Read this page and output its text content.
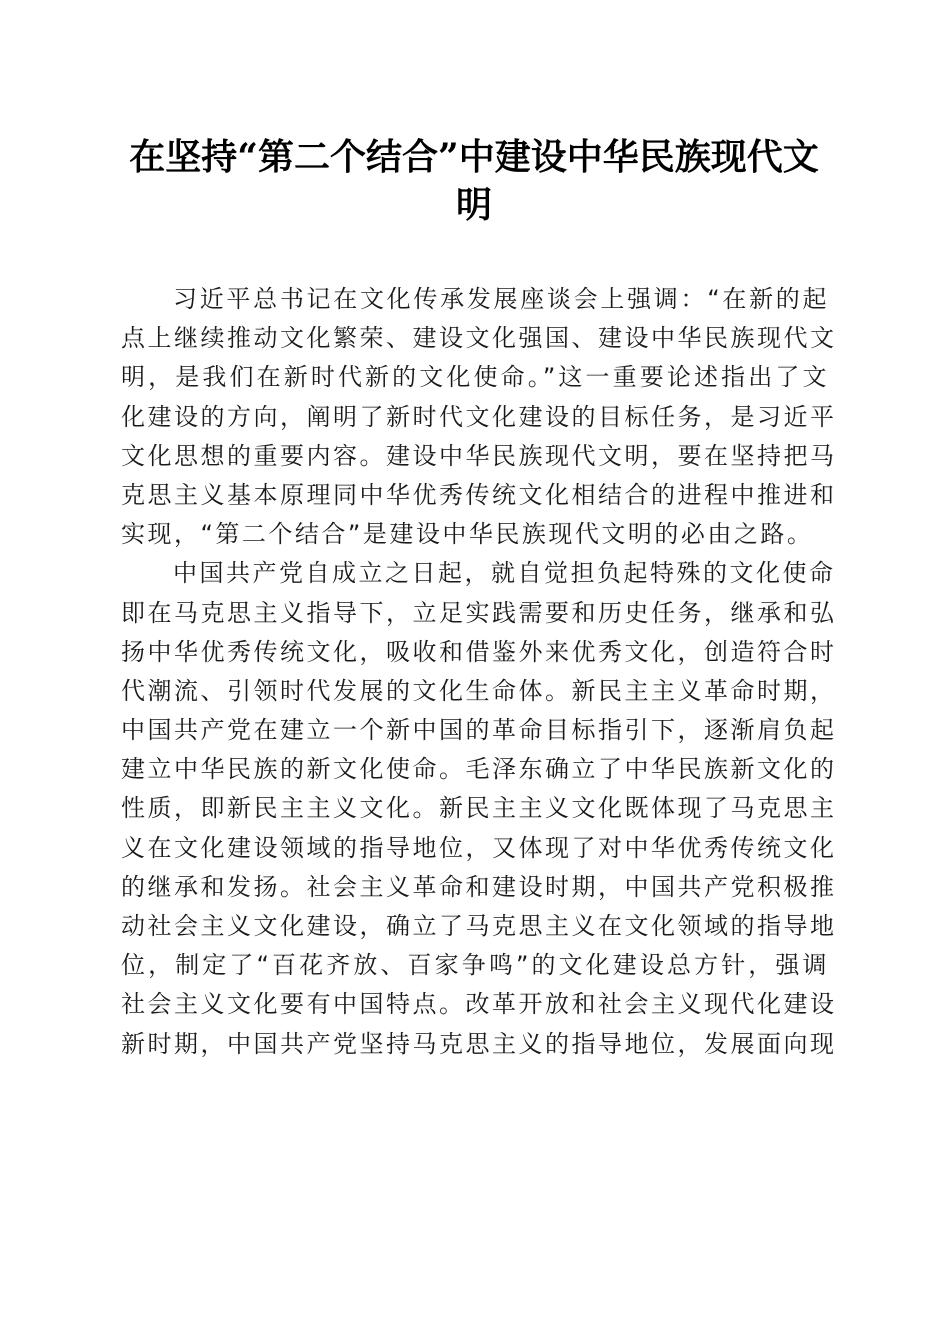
在坚持“第二个结合”中建设中华民族现代文
明
习近平总书记在文化传承发展座谈会上强调：“在新的起
点上继续推动文化繁荣、建设文化强国、建设中华民族现代文
明，是我们在新时代新的文化使命。”这一重要论述指出了文
化建设的方向，阐明了新时代文化建设的目标任务，是习近平
文化思想的重要内容。建设中华民族现代文明，要在坚持把马
克思主义基本原理同中华优秀传统文化相结合的进程中推进和
实现，“第二个结合”是建设中华民族现代文明的必由之路。
中国共产党自成立之日起，就自觉担负起特殊的文化使命
即在马克思主义指导下，立足实践需要和历史任务，继承和弘
扬中华优秀传统文化，吸收和借鉴外来优秀文化，创造符合时
代潮流、引领时代发展的文化生命体。新民主主义革命时期，
中国共产党在建立一个新中国的革命目标指引下，逐渐肩负起
建立中华民族的新文化使命。毛泽东确立了中华民族新文化的
性质，即新民主主义文化。新民主主义文化既体现了马克思主
义在文化建设领域的指导地位，又体现了对中华优秀传统文化
的继承和发扬。社会主义革命和建设时期，中国共产党积极推
动社会主义文化建设，确立了马克思主义在文化领域的指导地
位，制定了“百花齐放、百家争鸣”的文化建设总方针，强调
社会主义文化要有中国特点。改革开放和社会主义现代化建设
新时期，中国共产党坚持马克思主义的指导地位，发展面向现
